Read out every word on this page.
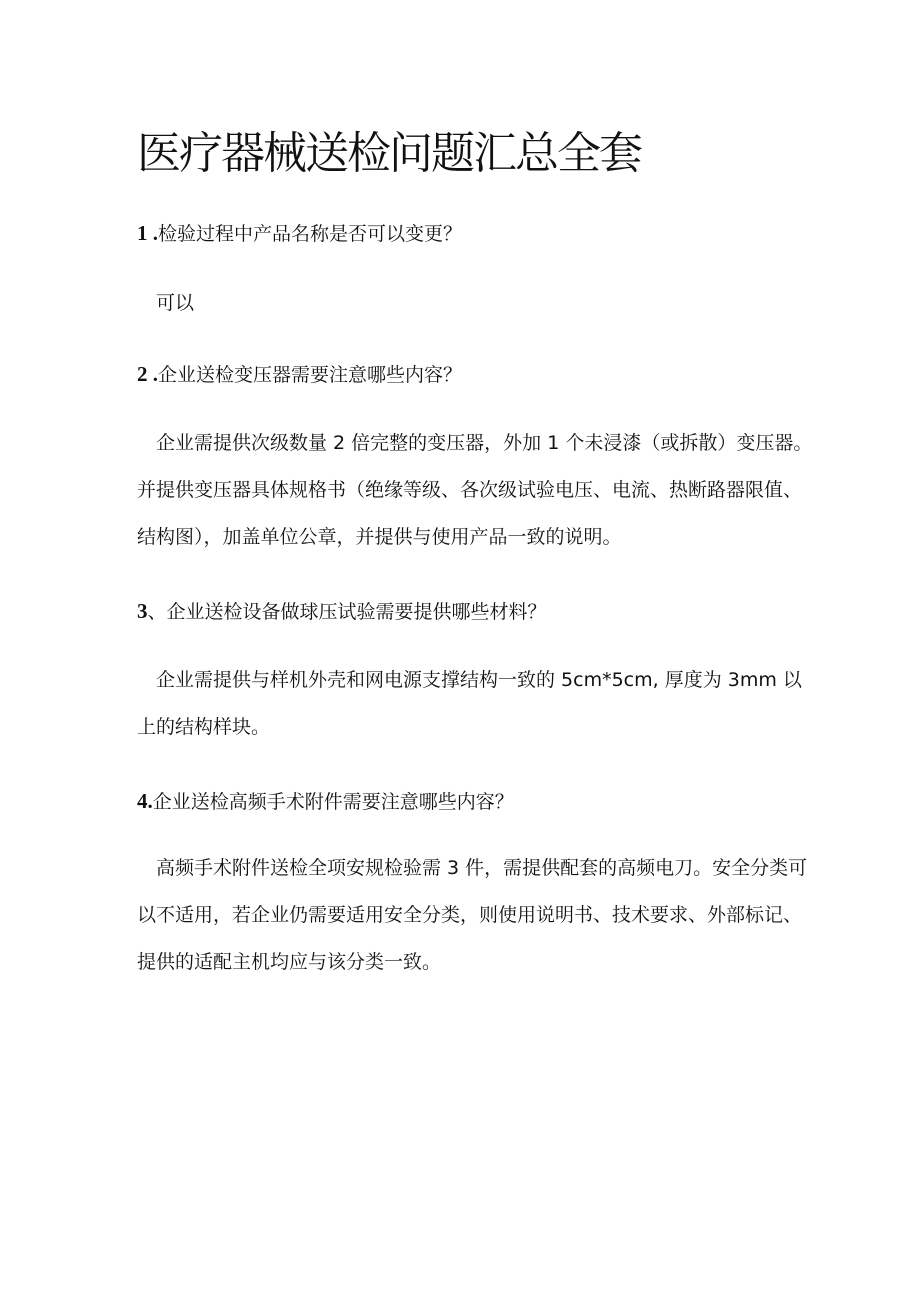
医疗器械送检问题汇总全套

1 .检验过程中产品名称是否可以变更？

可以

2 .企业送检变压器需要注意哪些内容？

企业需提供次级数量 2 倍完整的变压器，外加 1 个未浸漆（或拆散）变压器。并提供变压器具体规格书（绝缘等级、各次级试验电压、电流、热断路器限值、结构图），加盖单位公章，并提供与使用产品一致的说明。

3、企业送检设备做球压试验需要提供哪些材料？

企业需提供与样机外壳和网电源支撑结构一致的 5cm*5cm, 厚度为 3mm 以上的结构样块。

4.企业送检高频手术附件需要注意哪些内容？

高频手术附件送检全项安规检验需 3 件，需提供配套的高频电刀。安全分类可以不适用，若企业仍需要适用安全分类，则使用说明书、技术要求、外部标记、提供的适配主机均应与该分类一致。
